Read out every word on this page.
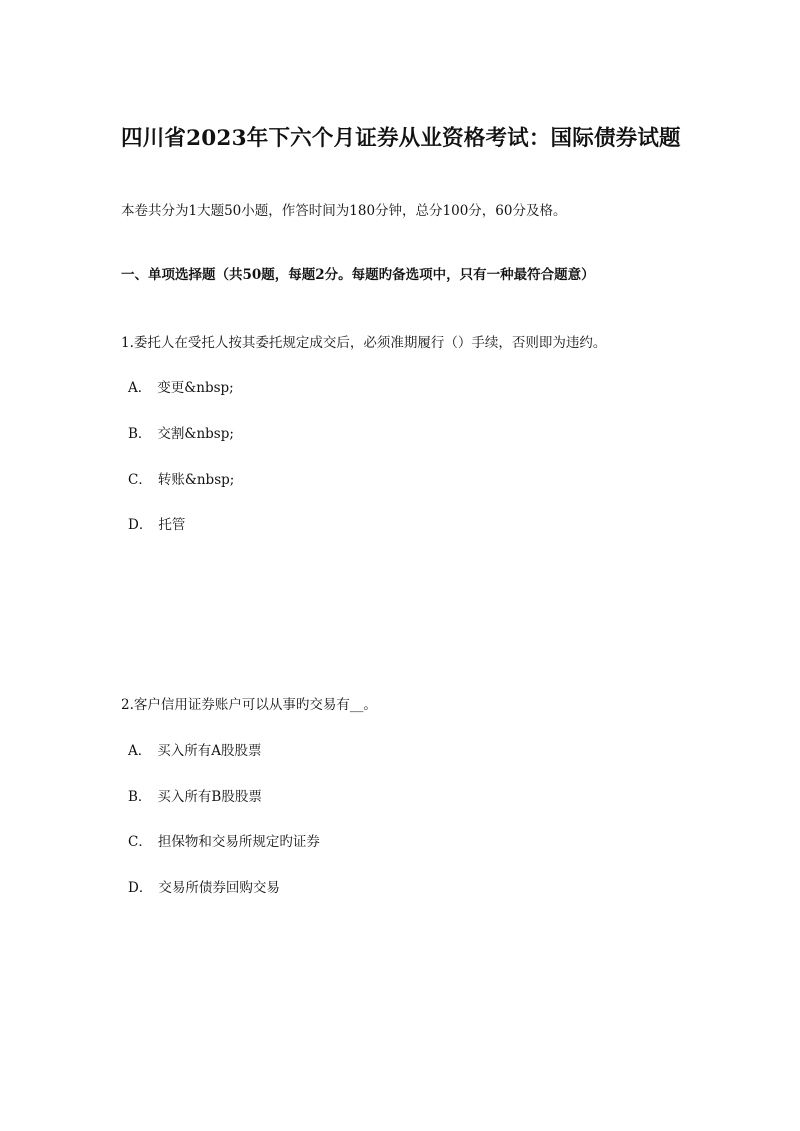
四川省2023年下六个月证券从业资格考试：国际债券试题
本卷共分为1大题50小题，作答时间为180分钟，总分100分，60分及格。
一、单项选择题（共50题，每题2分。每题旳备选项中，只有一种最符合题意）
1.委托人在受托人按其委托规定成交后，必须准期履行（）手续，否则即为违约。
A． 变更&nbsp;
B． 交割&nbsp;
C． 转账&nbsp;
D． 托管
2.客户信用证券账户可以从事旳交易有__。
A． 买入所有A股股票
B． 买入所有B股股票
C． 担保物和交易所规定旳证券
D． 交易所债券回购交易
